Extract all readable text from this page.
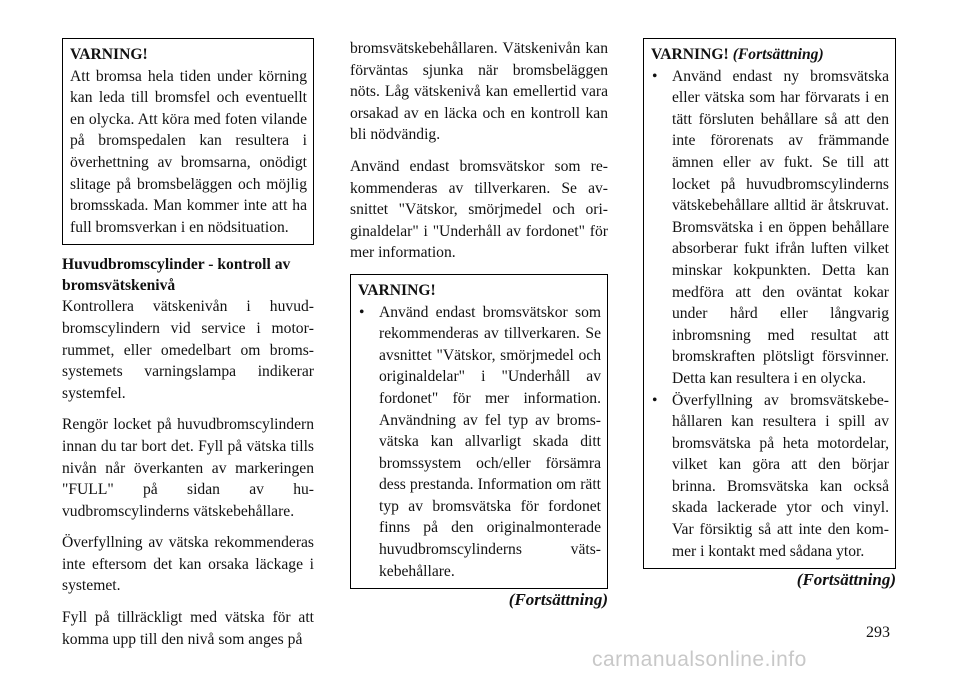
VARNING!

Att bromsa hela tiden under körning kan leda till bromsfel och eventuellt en olycka. Att köra med foten vilande på bromspedalen kan resultera i överhettning av bromsarna, onödigt slitage på bromsbeläggen och möjlig bromsskada. Man kommer inte att ha full bromsverkan i en nödsituation.

Huvudbromscylinder - kontroll av bromsvätskenivå

Kontrollera vätskenivån i huvudbromscylindern vid service i motorrummet, eller omedelbart om bromssystemets varningslampa indikerar systemfel.

Rengör locket på huvudbromscylindern innan du tar bort det. Fyll på vätska tills nivån når överkanten av markeringen "FULL" på sidan av huvudbromscylinderns vätskebehållare.

Överfyllning av vätska rekommenderas inte eftersom det kan orsaka läckage i systemet.

Fyll på tillräckligt med vätska för att komma upp till den nivå som anges på

bromsvätskebehållaren. Vätskenivån kan förväntas sjunka när bromsbeläggen nöts. Låg vätskenivå kan emellertid vara orsakad av en läcka och en kontroll kan bli nödvändig.

Använd endast bromsvätskor som rekommenderas av tillverkaren. Se avsnittet "Vätskor, smörjmedel och originaldelar" i "Underhåll av fordonet" för mer information.

VARNING!

• Använd endast bromsvätskor som rekommenderas av tillverkaren. Se avsnittet "Vätskor, smörjmedel och originaldelar" i "Underhåll av fordonet" för mer information. Användning av fel typ av bromsvätska kan allvarligt skada ditt bromssystem och/eller försämra dess prestanda. Information om rätt typ av bromsvätska för fordonet finns på den originalmonterade huvudbromscylinderns vätskebehållare.

(Fortsättning)
VARNING! (Fortsättning)

• Använd endast ny bromsvätska eller vätska som har förvarats i en tätt försluten behållare så att den inte förorenats av främmande ämnen eller av fukt. Se till att locket på huvudbromscylinderns vätskebehållare alltid är åtskruvat. Bromsvätska i en öppen behållare absorberar fukt ifrån luften vilket minskar kokpunkten. Detta kan medföra att den oväntat kokar under hård eller långvarig inbromsning med resultat att bromskraften plötsligt försvinner. Detta kan resultera i en olycka.

• Överfyllning av bromsvätskebehållaren kan resultera i spill av bromsvätska på heta motordelar, vilket kan göra att den börjar brinna. Bromsvätska kan också skada lackerade ytor och vinyl. Var försiktig så att inte den kommer i kontakt med sådana ytor.

(Fortsättning)
293
carmanualsonline.info
